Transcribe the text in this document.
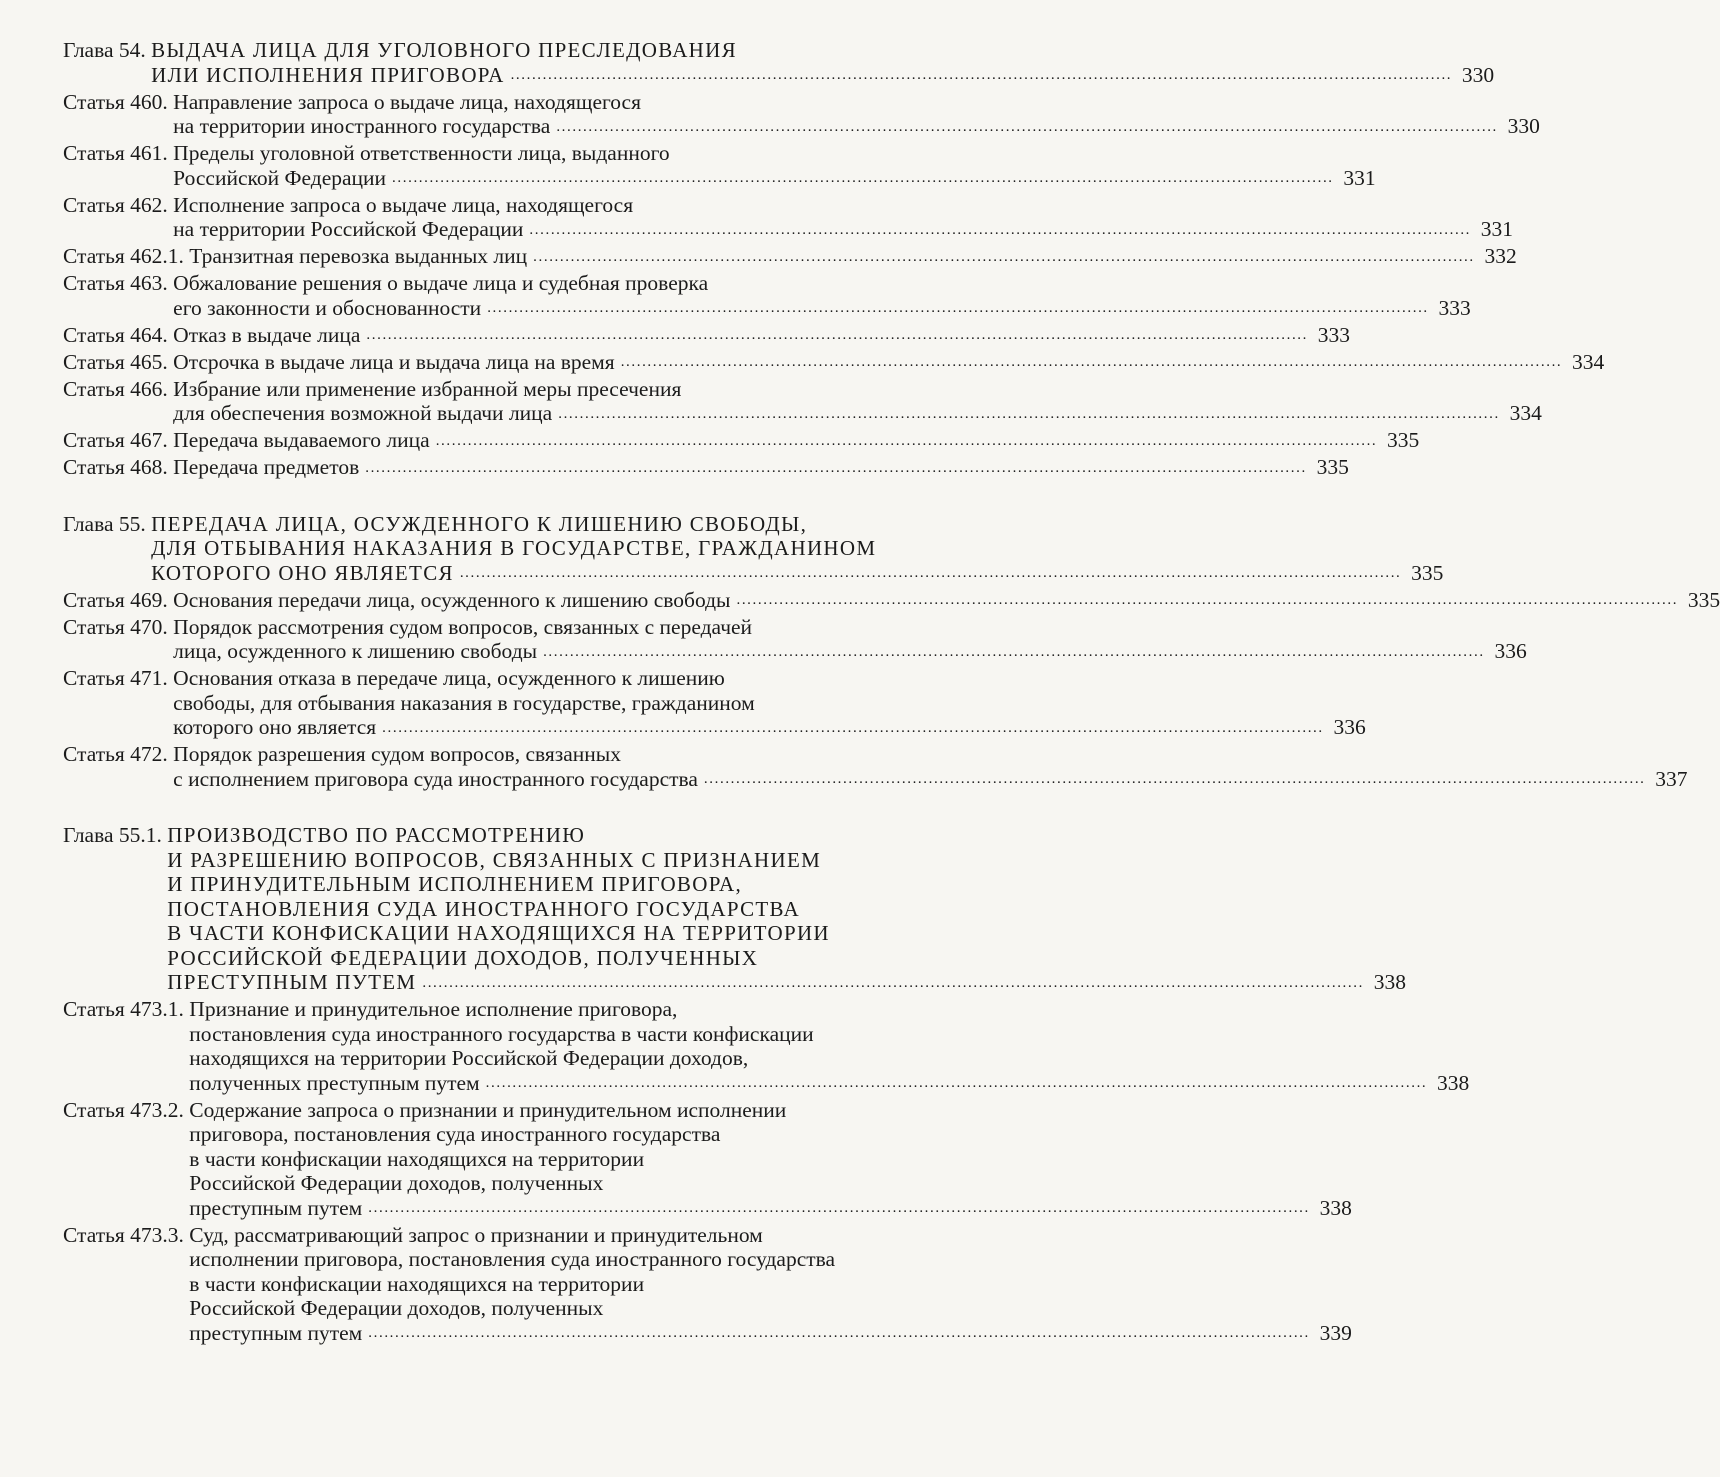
Глава 54. ВЫДАЧА ЛИЦА ДЛЯ УГОЛОВНОГО ПРЕСЛЕДОВАНИЯ
ИЛИ ИСПОЛНЕНИЯ ПРИГОВОРА ................................................................................................................................................................................ 330
Статья 460. Направление запроса о выдаче лица, находящегося
на территории иностранного государства ................................................................................................................................................................................ 330
Статья 461. Пределы уголовной ответственности лица, выданного
Российской Федерации ................................................................................................................................................................................ 331
Статья 462. Исполнение запроса о выдаче лица, находящегося
на территории Российской Федерации ................................................................................................................................................................................ 331
Статья 462.1. Транзитная перевозка выданных лиц ................................................................................................................................................................................ 332
Статья 463. Обжалование решения о выдаче лица и судебная проверка
его законности и обоснованности ................................................................................................................................................................................ 333
Статья 464. Отказ в выдаче лица ................................................................................................................................................................................ 333
Статья 465. Отсрочка в выдаче лица и выдача лица на время ................................................................................................................................................................................ 334
Статья 466. Избрание или применение избранной меры пресечения
для обеспечения возможной выдачи лица ................................................................................................................................................................................ 334
Статья 467. Передача выдаваемого лица ................................................................................................................................................................................ 335
Статья 468. Передача предметов ................................................................................................................................................................................ 335
Глава 55. ПЕРЕДАЧА ЛИЦА, ОСУЖДЕННОГО К ЛИШЕНИЮ СВОБОДЫ,
ДЛЯ ОТБЫВАНИЯ НАКАЗАНИЯ В ГОСУДАРСТВЕ, ГРАЖДАНИНОМ
КОТОРОГО ОНО ЯВЛЯЕТСЯ ................................................................................................................................................................................ 335
Статья 469. Основания передачи лица, осужденного к лишению свободы ................................................................................................................................................................................ 335
Статья 470. Порядок рассмотрения судом вопросов, связанных с передачей
лица, осужденного к лишению свободы ................................................................................................................................................................................ 336
Статья 471. Основания отказа в передаче лица, осужденного к лишению
свободы, для отбывания наказания в государстве, гражданином
которого оно является ................................................................................................................................................................................ 336
Статья 472. Порядок разрешения судом вопросов, связанных
с исполнением приговора суда иностранного государства ................................................................................................................................................................................ 337
Глава 55.1. ПРОИЗВОДСТВО ПО РАССМОТРЕНИЮ
И РАЗРЕШЕНИЮ ВОПРОСОВ, СВЯЗАННЫХ С ПРИЗНАНИЕМ
И ПРИНУДИТЕЛЬНЫМ ИСПОЛНЕНИЕМ ПРИГОВОРА,
ПОСТАНОВЛЕНИЯ СУДА ИНОСТРАННОГО ГОСУДАРСТВА
В ЧАСТИ КОНФИСКАЦИИ НАХОДЯЩИХСЯ НА ТЕРРИТОРИИ
РОССИЙСКОЙ ФЕДЕРАЦИИ ДОХОДОВ, ПОЛУЧЕННЫХ
ПРЕСТУПНЫМ ПУТЕМ ................................................................................................................................................................................ 338
Статья 473.1. Признание и принудительное исполнение приговора,
постановления суда иностранного государства в части конфискации
находящихся на территории Российской Федерации доходов,
полученных преступным путем ................................................................................................................................................................................ 338
Статья 473.2. Содержание запроса о признании и принудительном исполнении
приговора, постановления суда иностранного государства
в части конфискации находящихся на территории
Российской Федерации доходов, полученных
преступным путем ................................................................................................................................................................................ 338
Статья 473.3. Суд, рассматривающий запрос о признании и принудительном
исполнении приговора, постановления суда иностранного государства
в части конфискации находящихся на территории
Российской Федерации доходов, полученных
преступным путем ................................................................................................................................................................................ 339
